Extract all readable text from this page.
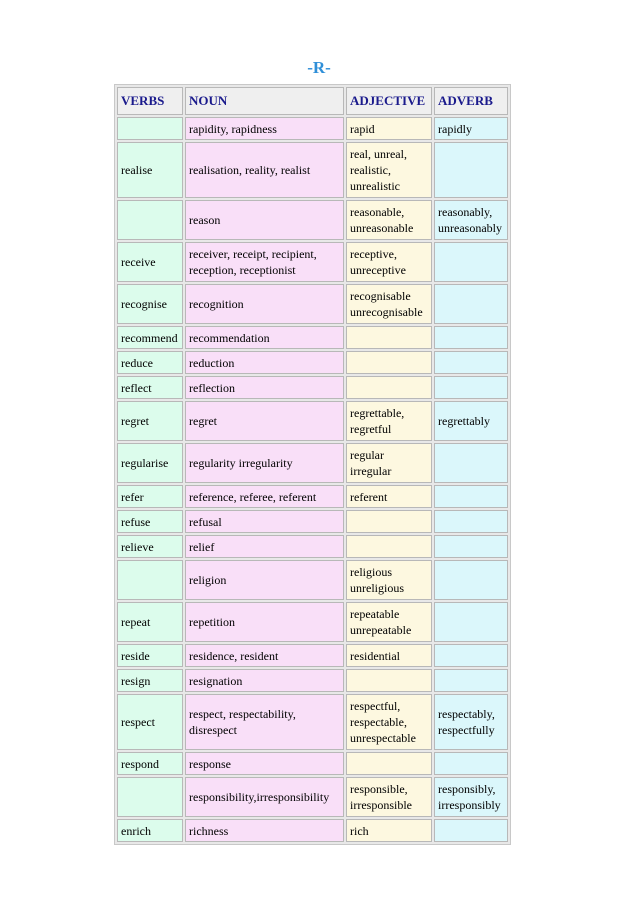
-R-
VERBS	NOUN	ADJECTIVE	ADVERB
	rapidity, rapidness	rapid	rapidly
realise	realisation, reality, realist	real, unreal, realistic, unrealistic	
	reason	reasonable, unreasonable	reasonably, unreasonably
receive	receiver, receipt, recipient, reception, receptionist	receptive, unreceptive	
recognise	recognition	recognisable unrecognisable	
recommend	recommendation		
reduce	reduction		
reflect	reflection		
regret	regret	regrettable, regretful	regrettably
regularise	regularity irregularity	regular irregular	
refer	reference, referee, referent	referent	
refuse	refusal		
relieve	relief		
	religion	religious unreligious	
repeat	repetition	repeatable unrepeatable	
reside	residence, resident	residential	
resign	resignation		
respect	respect, respectability, disrespect	respectful, respectable, unrespectable	respectably, respectfully
respond	response		
	responsibility,irresponsibility	responsible, irresponsible	responsibly, irresponsibly
enrich	richness	rich	
